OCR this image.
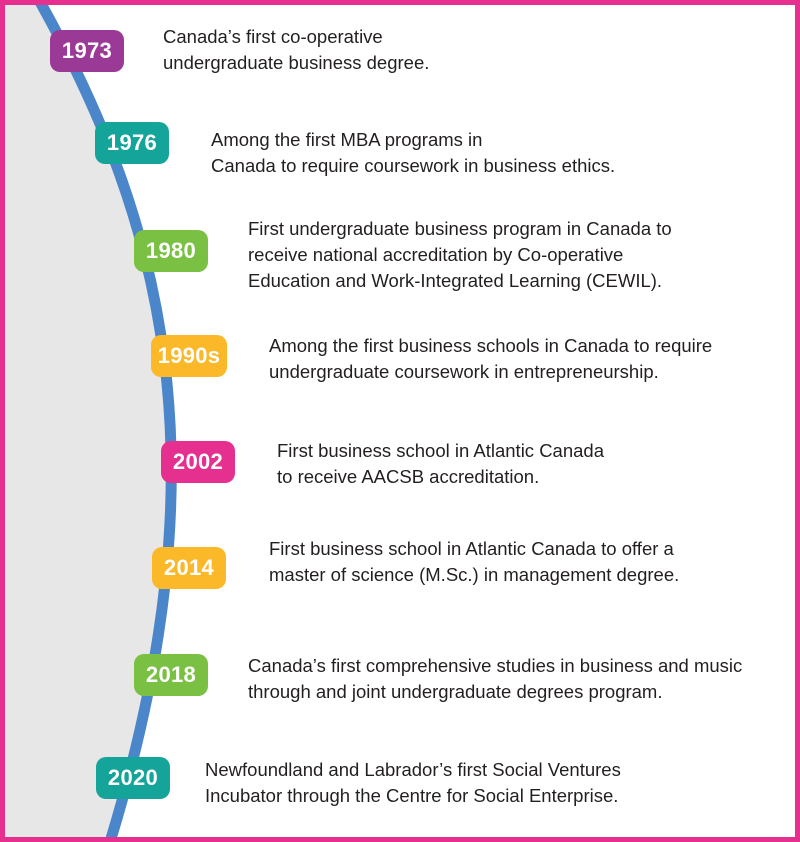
1973
Canada’s first co-operative
undergraduate business degree.
1976	Among the first MBA programs in
Canada to require coursework in business ethics.
1980
First undergraduate business program in Canada to
receive national accreditation by Co-operative
Education and Work-Integrated Learning (CEWIL).
1990s	Among the first business schools in Canada to require
undergraduate coursework in entrepreneurship.
2002	First business school in Atlantic Canada
to receive AACSB accreditation.
2014
First business school in Atlantic Canada to offer a
master of science (M.Sc.) in management degree.
2018	Canada’s first comprehensive studies in business and music
through and joint undergraduate degrees program.
2020	Newfoundland and Labrador’s first Social Ventures
Incubator through the Centre for Social Enterprise.
